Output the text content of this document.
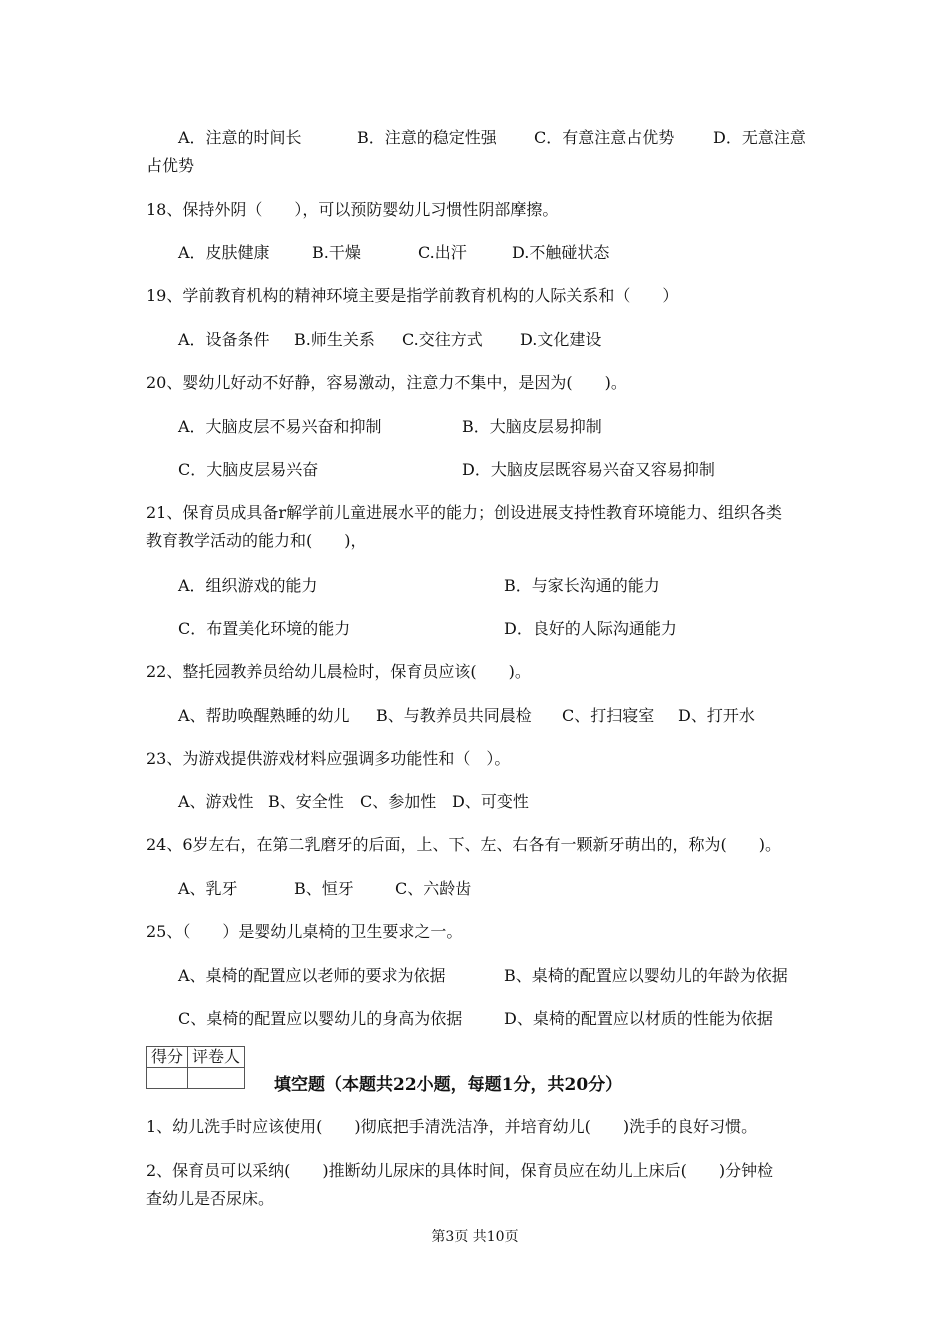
A．注意的时间长	B．注意的稳定性强 C．有意注意占优势 D．无意注意
占优势
18、保持外阴（　　），可以预防婴幼儿习惯性阴部摩擦。
A．皮肤健康	B.干燥	C.出汗	D.不触碰状态
19、学前教育机构的精神环境主要是指学前教育机构的人际关系和（　　）
A．设备条件 B.师生关系 C.交往方式 D.文化建设
20、婴幼儿好动不好静，容易激动，注意力不集中，是因为(　　)。
A．大脑皮层不易兴奋和抑制	B．大脑皮层易抑制
C．大脑皮层易兴奋	D．大脑皮层既容易兴奋又容易抑制
21、保育员成具备r解学前儿童进展水平的能力；创设进展支持性教育环境能力、组织各类
教育教学活动的能力和(　　)，
A．组织游戏的能力	B．与家长沟通的能力
C．布置美化环境的能力	D．良好的人际沟通能力
22、整托园教养员给幼儿晨检时，保育员应该(　　)。
A、帮助唤醒熟睡的幼儿 B、与教养员共同晨检 C、打扫寝室 D、打开水
23、为游戏提供游戏材料应强调多功能性和（　）。
A、游戏性 B、安全性 C、参加性 D、可变性
24、6岁左右，在第二乳磨牙的后面，上、下、左、右各有一颗新牙萌出的，称为(　　)。
A、乳牙	B、恒牙	C、六龄齿
25、（　　）是婴幼儿桌椅的卫生要求之一。
A、桌椅的配置应以老师的要求为依据	B、桌椅的配置应以婴幼儿的年龄为依据
C、桌椅的配置应以婴幼儿的身高为依据	D、桌椅的配置应以材质的性能为依据
得分	评卷人

填空题（本题共22小题，每题1分，共20分）
1、幼儿洗手时应该使用(　　)彻底把手清洗洁净，并培育幼儿(　　)洗手的良好习惯。
2、保育员可以采纳(　　)推断幼儿尿床的具体时间，保育员应在幼儿上床后(　　)分钟检
查幼儿是否尿床。
第3页 共10页
